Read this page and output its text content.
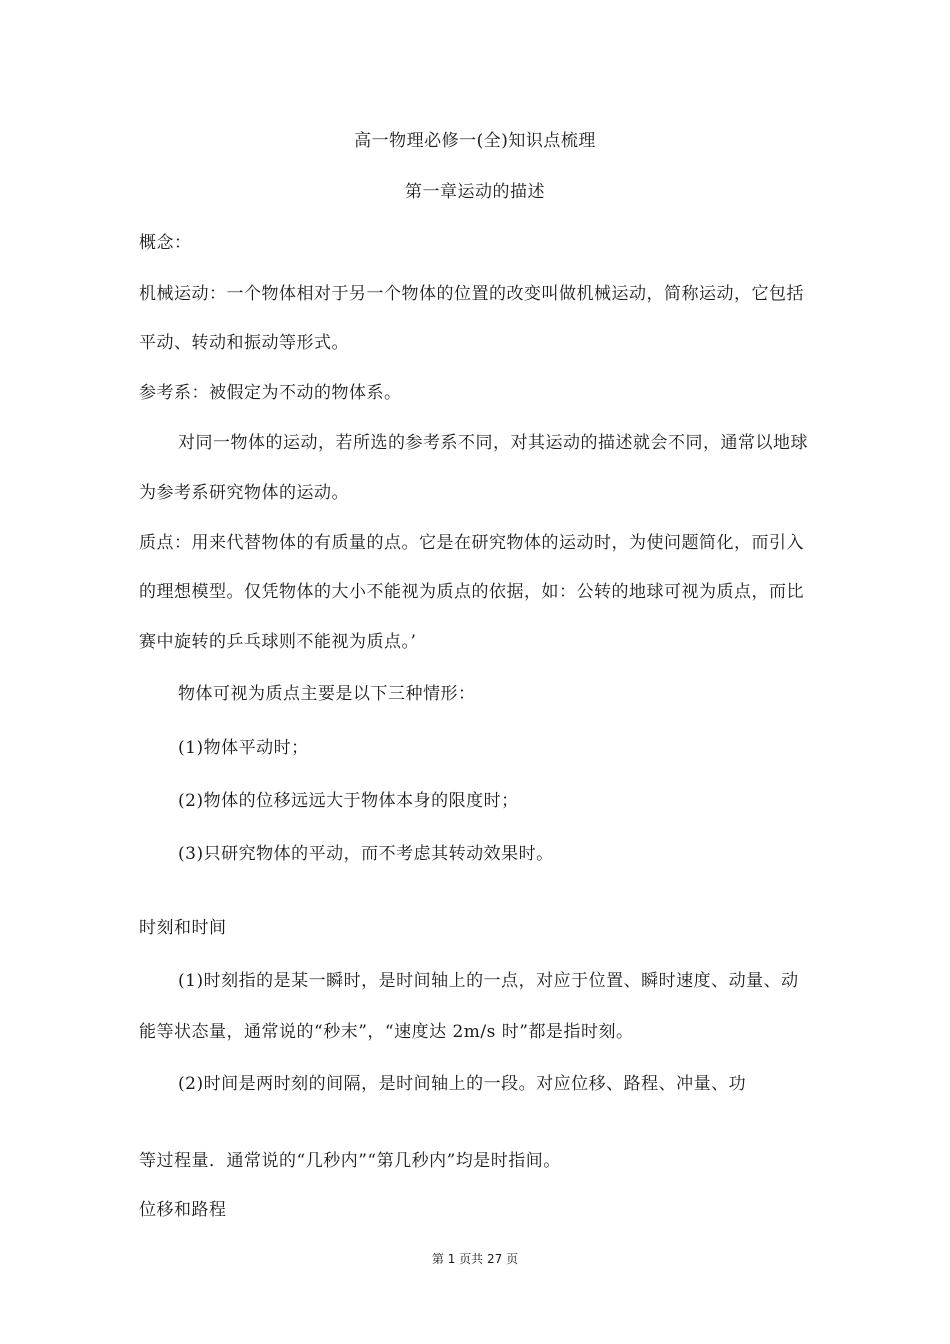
高一物理必修一(全)知识点梳理
第一章运动的描述
概念：
机械运动：一个物体相对于另一个物体的位置的改变叫做机械运动，简称运动，它包括
平动、转动和振动等形式。
参考系：被假定为不动的物体系。
对同一物体的运动，若所选的参考系不同，对其运动的描述就会不同，通常以地球
为参考系研究物体的运动。
质点：用来代替物体的有质量的点。它是在研究物体的运动时，为使问题简化，而引入
的理想模型。仅凭物体的大小不能视为质点的依据，如：公转的地球可视为质点，而比
赛中旋转的乒乓球则不能视为质点。’
物体可视为质点主要是以下三种情形：
(1)物体平动时；
(2)物体的位移远远大于物体本身的限度时；
(3)只研究物体的平动，而不考虑其转动效果时。
时刻和时间
(1)时刻指的是某一瞬时，是时间轴上的一点，对应于位置、瞬时速度、动量、动
能等状态量，通常说的“秒末”，“速度达 2m/s 时”都是指时刻。
(2)时间是两时刻的间隔，是时间轴上的一段。对应位移、路程、冲量、功
等过程量．通常说的“几秒内”“第几秒内”均是时指间。
位移和路程
第 1 页共 27 页
